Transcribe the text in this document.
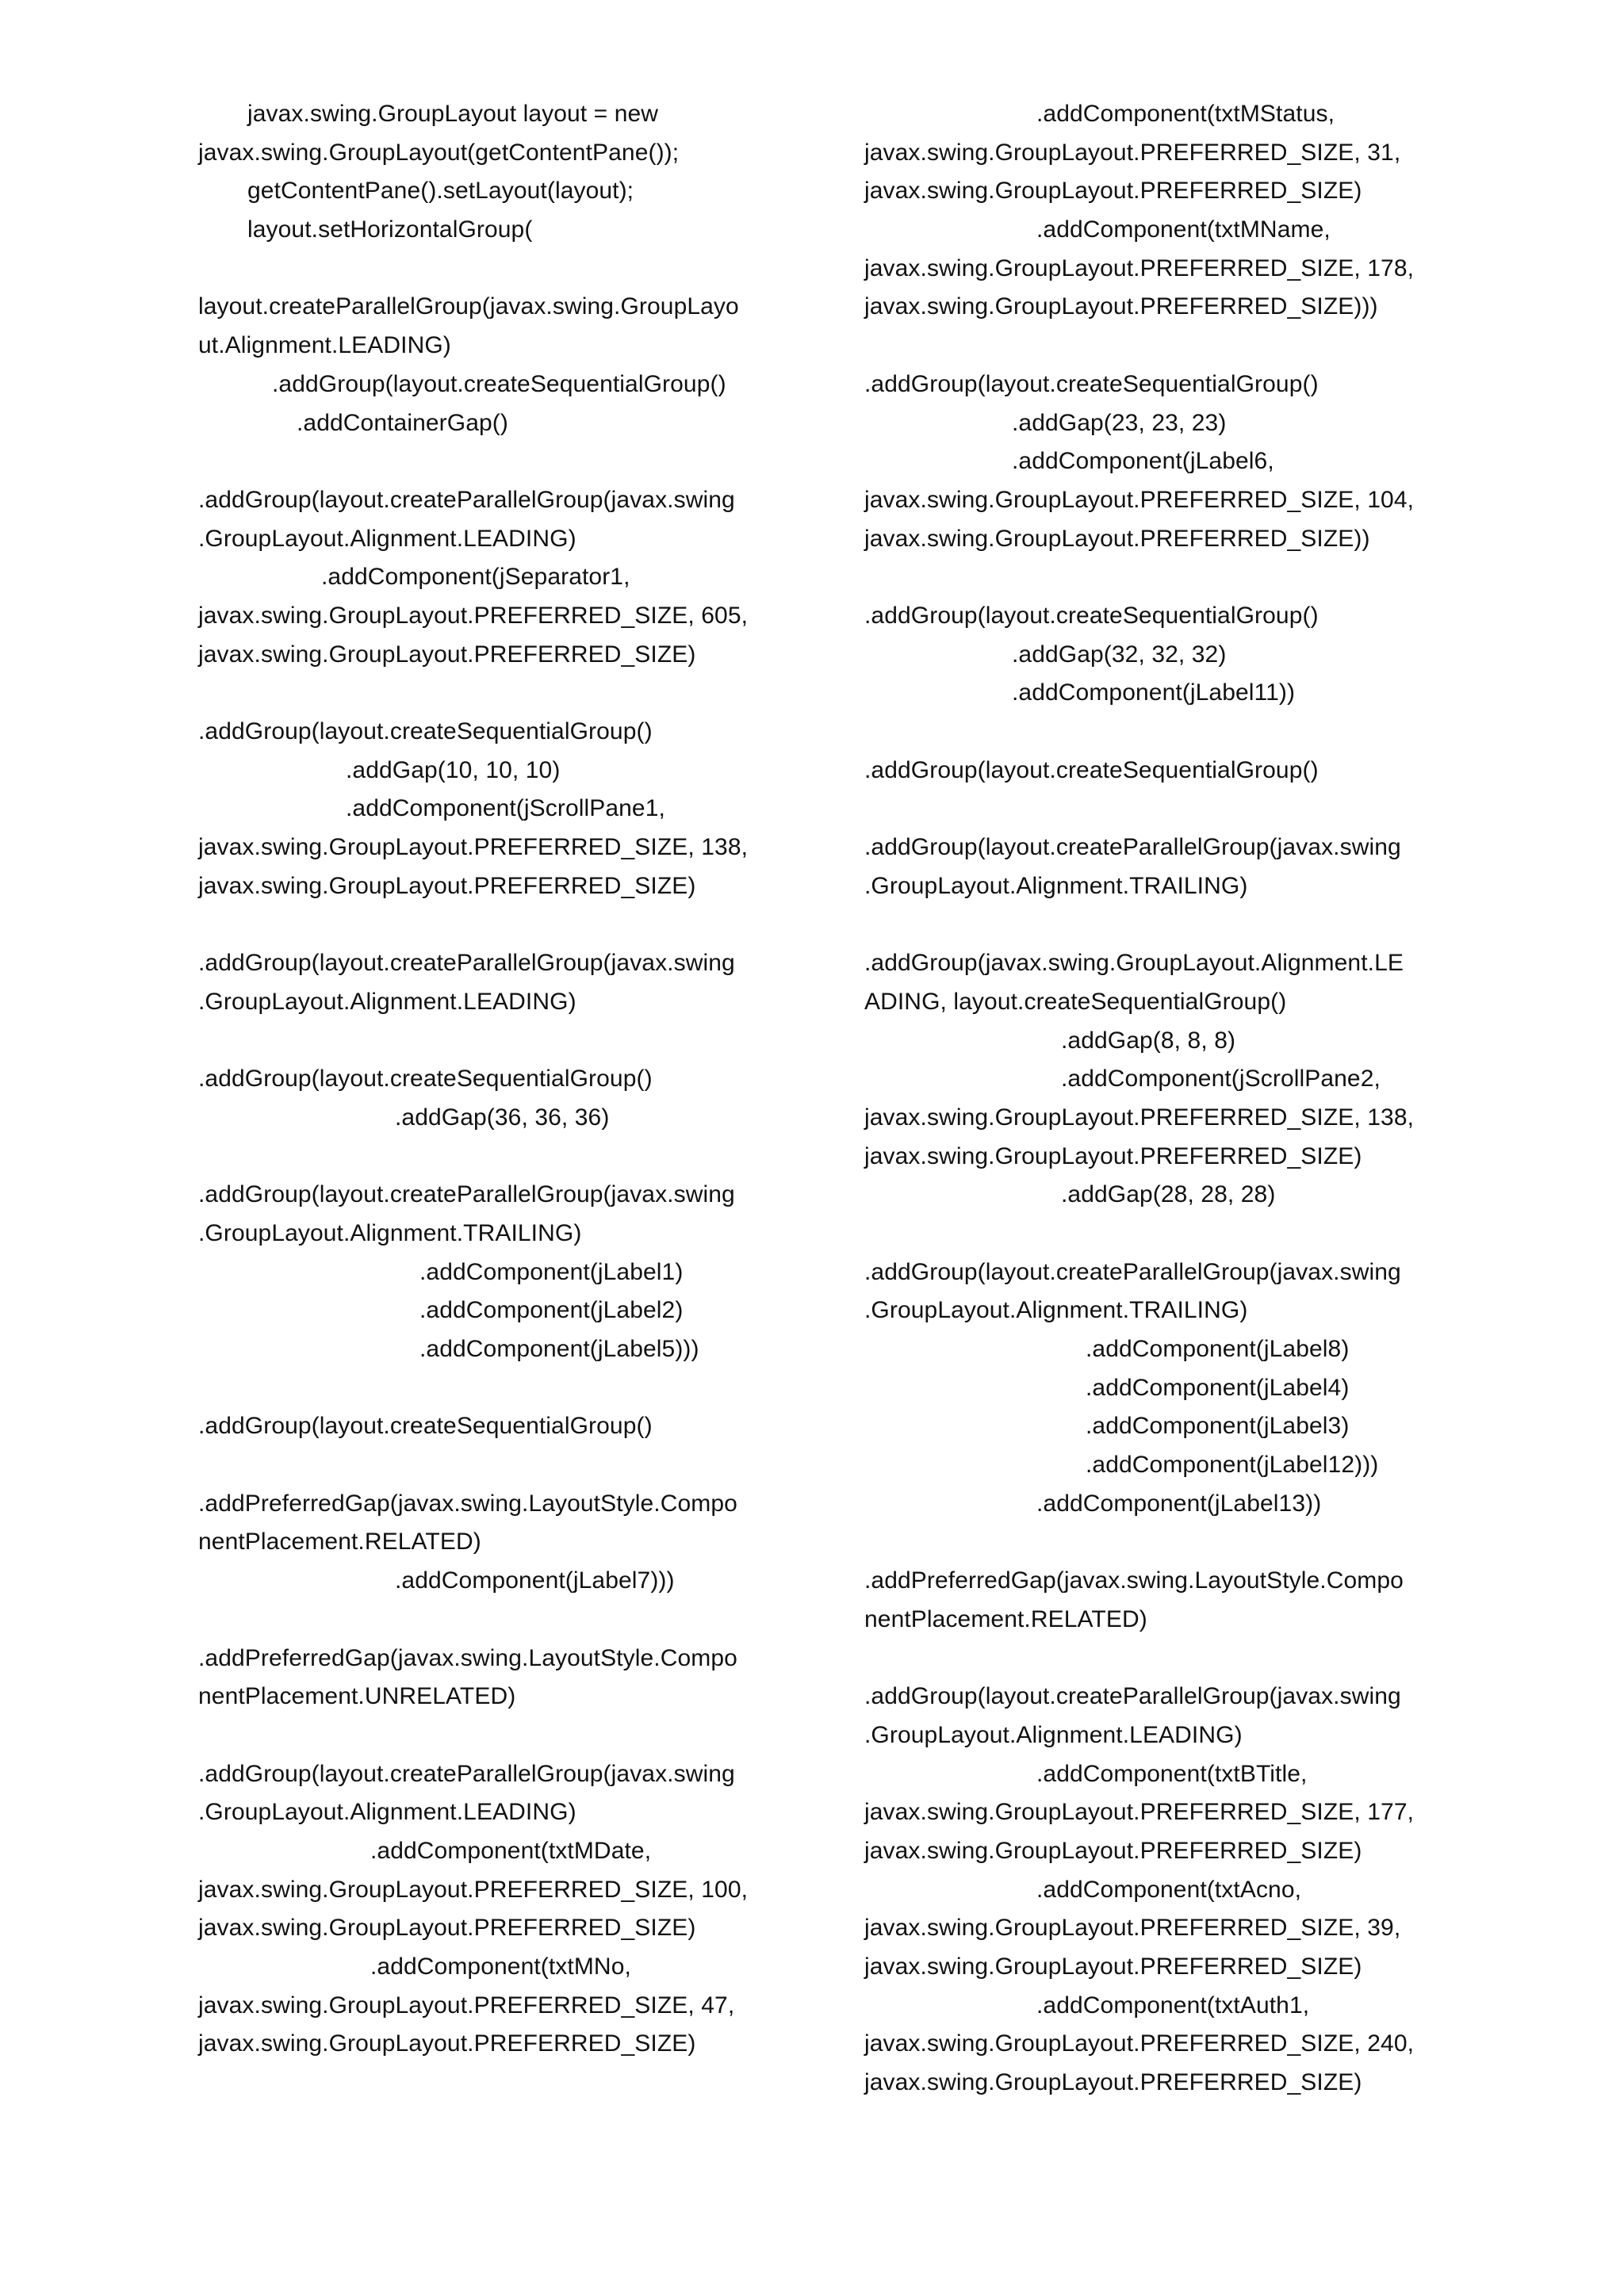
javax.swing.GroupLayout layout = new
javax.swing.GroupLayout(getContentPane());
getContentPane().setLayout(layout);
layout.setHorizontalGroup(
layout.createParallelGroup(javax.swing.GroupLayo
ut.Alignment.LEADING)
.addGroup(layout.createSequentialGroup()
.addContainerGap()
.addGroup(layout.createParallelGroup(javax.swing
.GroupLayout.Alignment.LEADING)
.addComponent(jSeparator1,
javax.swing.GroupLayout.PREFERRED_SIZE, 605,
javax.swing.GroupLayout.PREFERRED_SIZE)
.addGroup(layout.createSequentialGroup()
.addGap(10, 10, 10)
.addComponent(jScrollPane1,
javax.swing.GroupLayout.PREFERRED_SIZE, 138,
javax.swing.GroupLayout.PREFERRED_SIZE)
.addGroup(layout.createParallelGroup(javax.swing
.GroupLayout.Alignment.LEADING)
.addGroup(layout.createSequentialGroup()
.addGap(36, 36, 36)
.addGroup(layout.createParallelGroup(javax.swing
.GroupLayout.Alignment.TRAILING)
.addComponent(jLabel1)
.addComponent(jLabel2)
.addComponent(jLabel5)))
.addGroup(layout.createSequentialGroup()
.addPreferredGap(javax.swing.LayoutStyle.Compo
nentPlacement.RELATED)
.addComponent(jLabel7)))
.addPreferredGap(javax.swing.LayoutStyle.Compo
nentPlacement.UNRELATED)
.addGroup(layout.createParallelGroup(javax.swing
.GroupLayout.Alignment.LEADING)
.addComponent(txtMDate,
javax.swing.GroupLayout.PREFERRED_SIZE, 100,
javax.swing.GroupLayout.PREFERRED_SIZE)
.addComponent(txtMNo,
javax.swing.GroupLayout.PREFERRED_SIZE, 47,
javax.swing.GroupLayout.PREFERRED_SIZE)
.addComponent(txtMStatus,
javax.swing.GroupLayout.PREFERRED_SIZE, 31,
javax.swing.GroupLayout.PREFERRED_SIZE)
.addComponent(txtMName,
javax.swing.GroupLayout.PREFERRED_SIZE, 178,
javax.swing.GroupLayout.PREFERRED_SIZE)))
.addGroup(layout.createSequentialGroup()
.addGap(23, 23, 23)
.addComponent(jLabel6,
javax.swing.GroupLayout.PREFERRED_SIZE, 104,
javax.swing.GroupLayout.PREFERRED_SIZE))
.addGroup(layout.createSequentialGroup()
.addGap(32, 32, 32)
.addComponent(jLabel11))
.addGroup(layout.createSequentialGroup()
.addGroup(layout.createParallelGroup(javax.swing
.GroupLayout.Alignment.TRAILING)
.addGroup(javax.swing.GroupLayout.Alignment.LE
ADING, layout.createSequentialGroup()
.addGap(8, 8, 8)
.addComponent(jScrollPane2,
javax.swing.GroupLayout.PREFERRED_SIZE, 138,
javax.swing.GroupLayout.PREFERRED_SIZE)
.addGap(28, 28, 28)
.addGroup(layout.createParallelGroup(javax.swing
.GroupLayout.Alignment.TRAILING)
.addComponent(jLabel8)
.addComponent(jLabel4)
.addComponent(jLabel3)
.addComponent(jLabel12)))
.addComponent(jLabel13))
.addPreferredGap(javax.swing.LayoutStyle.Compo
nentPlacement.RELATED)
.addGroup(layout.createParallelGroup(javax.swing
.GroupLayout.Alignment.LEADING)
.addComponent(txtBTitle,
javax.swing.GroupLayout.PREFERRED_SIZE, 177,
javax.swing.GroupLayout.PREFERRED_SIZE)
.addComponent(txtAcno,
javax.swing.GroupLayout.PREFERRED_SIZE, 39,
javax.swing.GroupLayout.PREFERRED_SIZE)
.addComponent(txtAuth1,
javax.swing.GroupLayout.PREFERRED_SIZE, 240,
javax.swing.GroupLayout.PREFERRED_SIZE)
